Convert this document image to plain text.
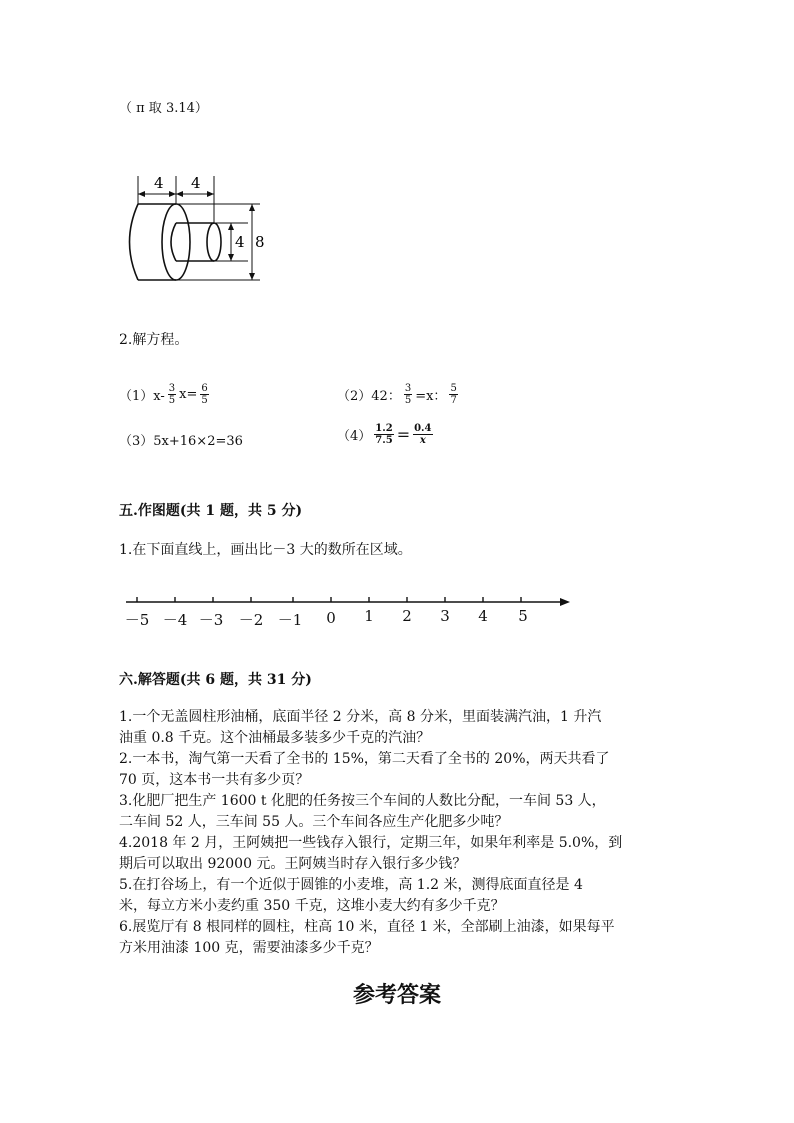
（ π 取 3.14）
4 4
4 8
2.解方程。
$(1)x- \frac{3}{5} x= \frac{6}{5}$	（2）42： $\frac{3}{5} =x$： $\frac{5}{7}$
（3）5x+16×2=36	$(4) \frac{1.2}{7.5} = \frac{0.4}{x}$
五.作图题(共 1 题，共 5 分)
1.在下面直线上，画出比－3 大的数所在区域。
－5 －4 －3 －2 －1 0 1 2 3 4 5
六.解答题(共 6 题，共 31 分)

1.一个无盖圆柱形油桶，底面半径 2 分米，高 8 分米，里面装满汽油，1 升汽

油重 0.8 千克。这个油桶最多装多少千克的汽油？

2.一本书，淘气第一天看了全书的 15%，第二天看了全书的 20%，两天共看了

70 页，这本书一共有多少页？

3.化肥厂把生产 1600 t 化肥的任务按三个车间的人数比分配，一车间 53 人，

二车间 52 人，三车间 55 人。三个车间各应生产化肥多少吨？

4.2018 年 2 月，王阿姨把一些钱存入银行，定期三年，如果年利率是 5.0%，到

期后可以取出 92000 元。王阿姨当时存入银行多少钱？

5.在打谷场上，有一个近似于圆锥的小麦堆，高 1.2 米，测得底面直径是 4

米，每立方米小麦约重 350 千克，这堆小麦大约有多少千克？

6.展览厅有 8 根同样的圆柱，柱高 10 米，直径 1 米，全部刷上油漆，如果每平

方米用油漆 100 克，需要油漆多少千克？

参考答案
